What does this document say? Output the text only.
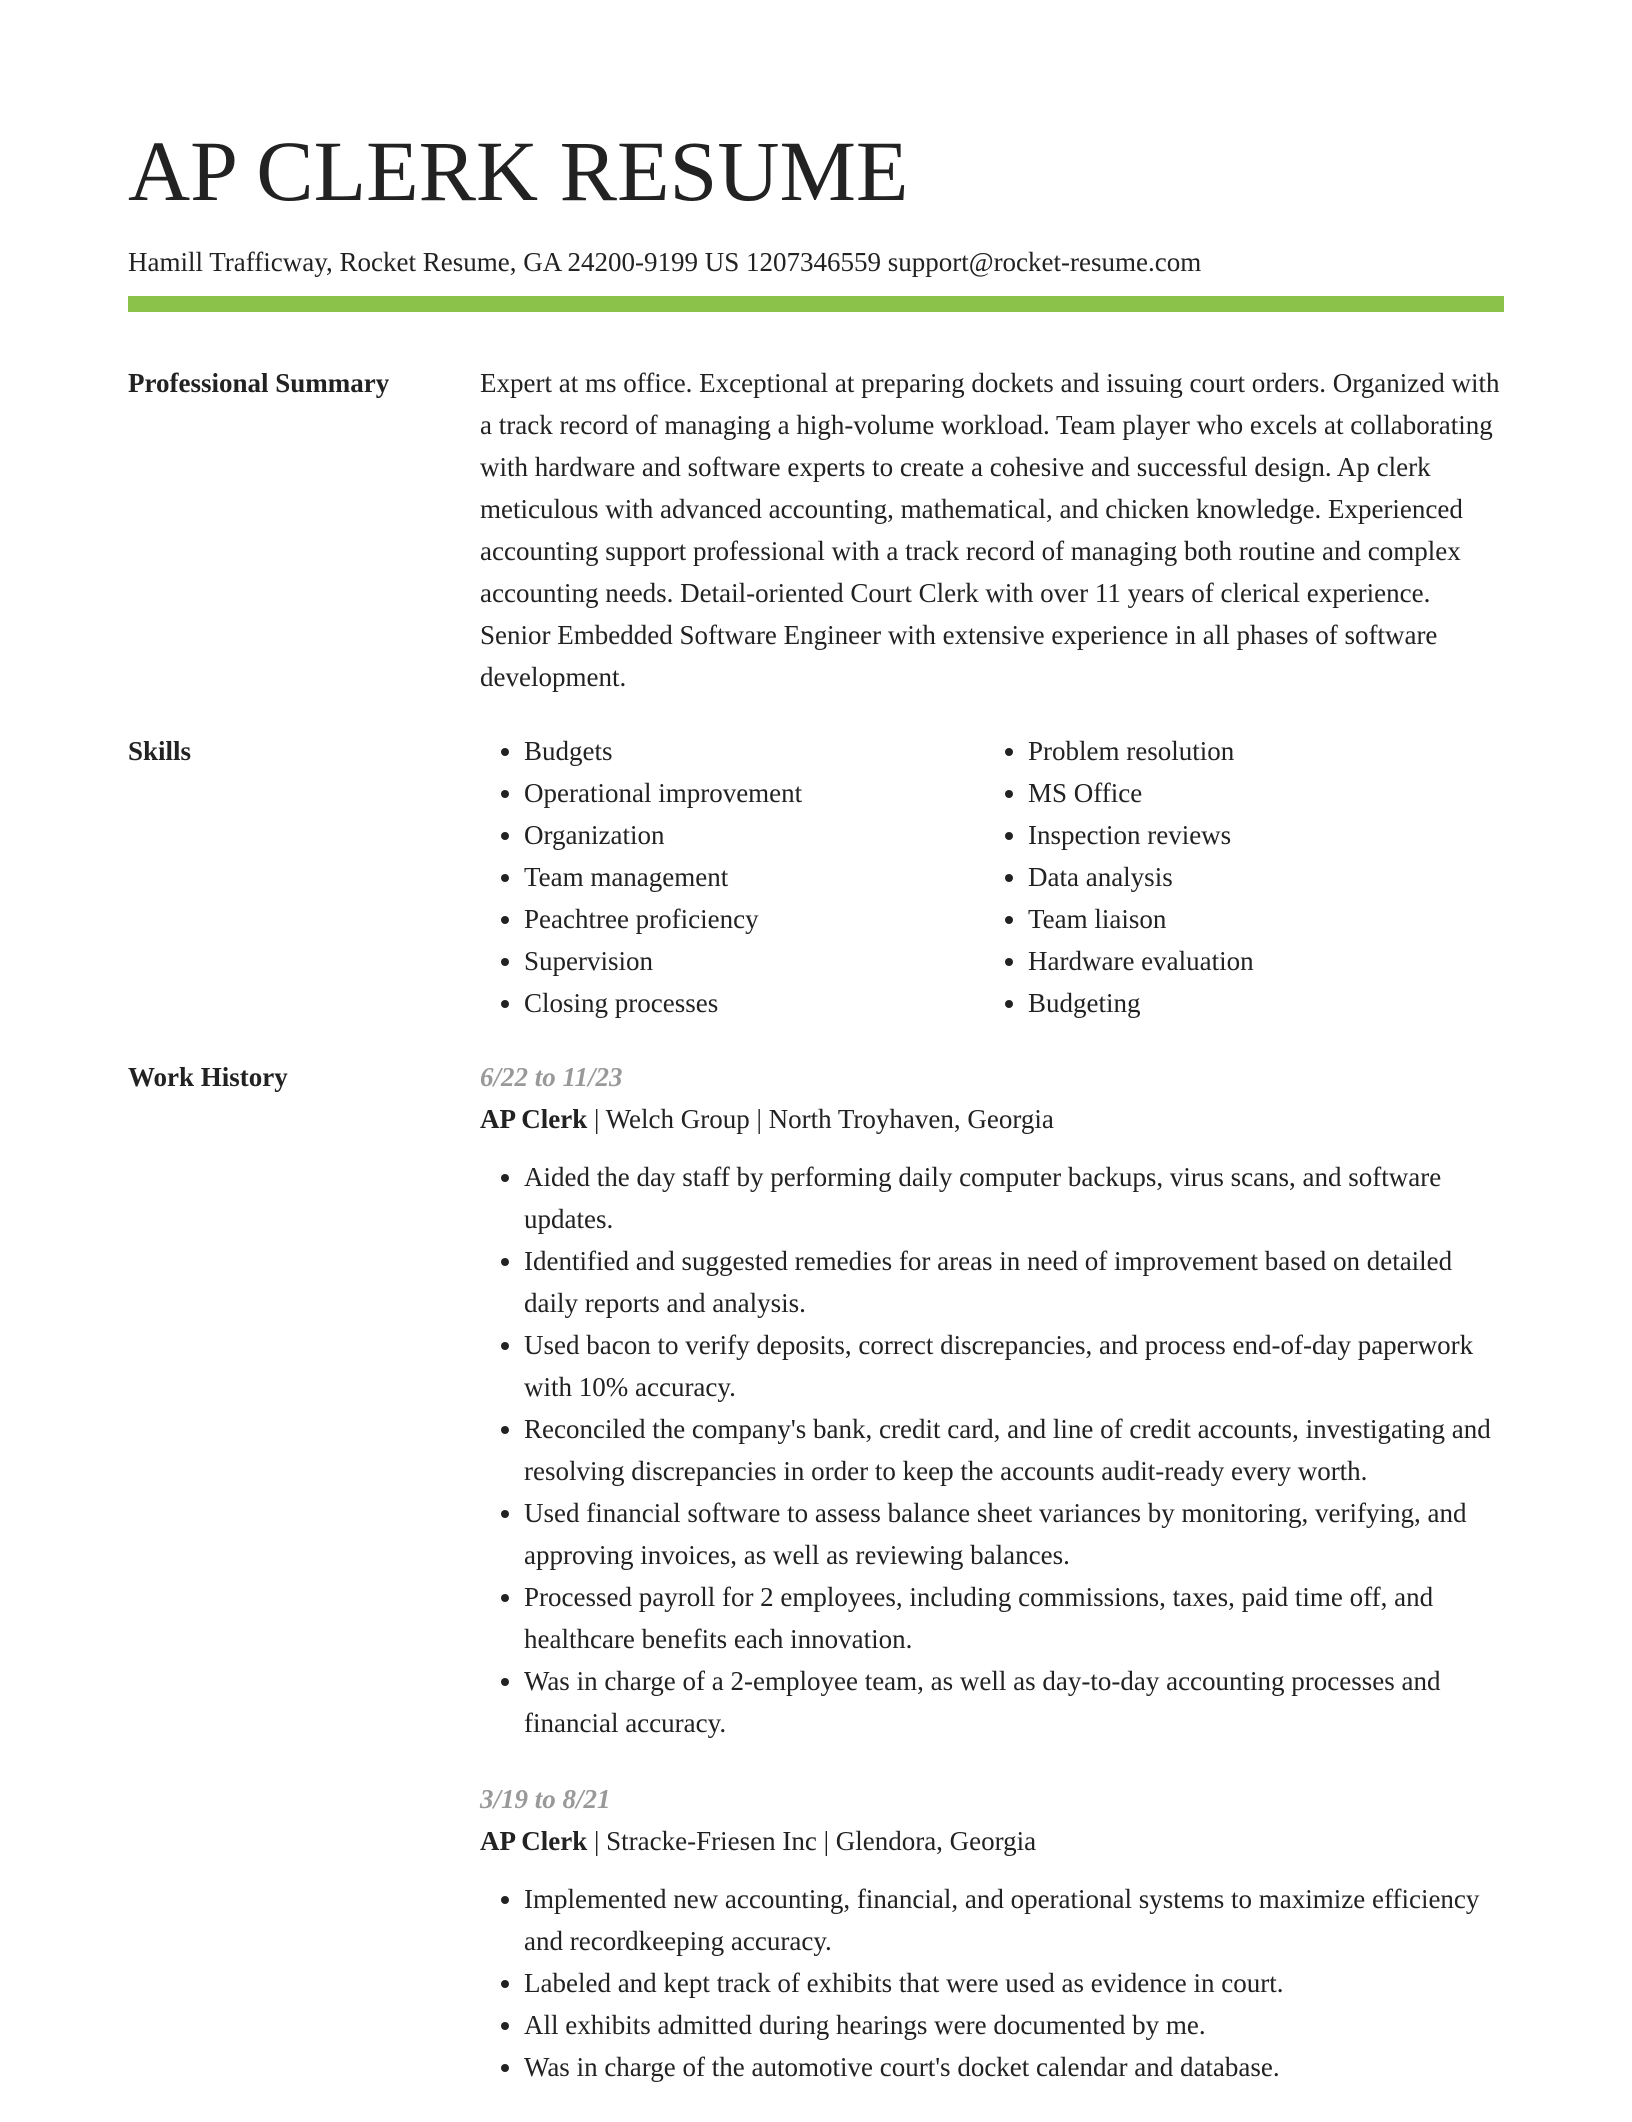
AP CLERK RESUME
Hamill Trafficway, Rocket Resume, GA 24200-9199 US 1207346559 support@rocket-resume.com
Professional Summary	Expert at ms office. Exceptional at preparing dockets and issuing court orders. Organized with a track record of managing a high-volume workload. Team player who excels at collaborating with hardware and software experts to create a cohesive and successful design. Ap clerk meticulous with advanced accounting, mathematical, and chicken knowledge. Experienced accounting support professional with a track record of managing both routine and complex accounting needs. Detail-oriented Court Clerk with over 11 years of clerical experience. Senior Embedded Software Engineer with extensive experience in all phases of software development.

Skills
•	Budgets
• Operational improvement
• Organization
• Team management
• Peachtree proficiency
• Supervision
• Closing processes
• Problem resolution
• MS Office
• Inspection reviews
• Data analysis
• Team liaison
• Hardware evaluation
• Budgeting
Work History	6/22 to 11/23
AP Clerk | Welch Group | North Troyhaven, Georgia
• Aided the day staff by performing daily computer backups, virus scans, and software updates.
• Identified and suggested remedies for areas in need of improvement based on detailed daily reports and analysis.
• Used bacon to verify deposits, correct discrepancies, and process end-of-day paperwork with 10% accuracy.
• Reconciled the company's bank, credit card, and line of credit accounts, investigating and resolving discrepancies in order to keep the accounts audit-ready every worth.
• Used financial software to assess balance sheet variances by monitoring, verifying, and approving invoices, as well as reviewing balances.
• Processed payroll for 2 employees, including commissions, taxes, paid time off, and healthcare benefits each innovation.
• Was in charge of a 2-employee team, as well as day-to-day accounting processes and financial accuracy.
3/19 to 8/21
AP Clerk | Stracke-Friesen Inc | Glendora, Georgia
• Implemented new accounting, financial, and operational systems to maximize efficiency and recordkeeping accuracy.
• Labeled and kept track of exhibits that were used as evidence in court.
• All exhibits admitted during hearings were documented by me.
• Was in charge of the automotive court's docket calendar and database.
